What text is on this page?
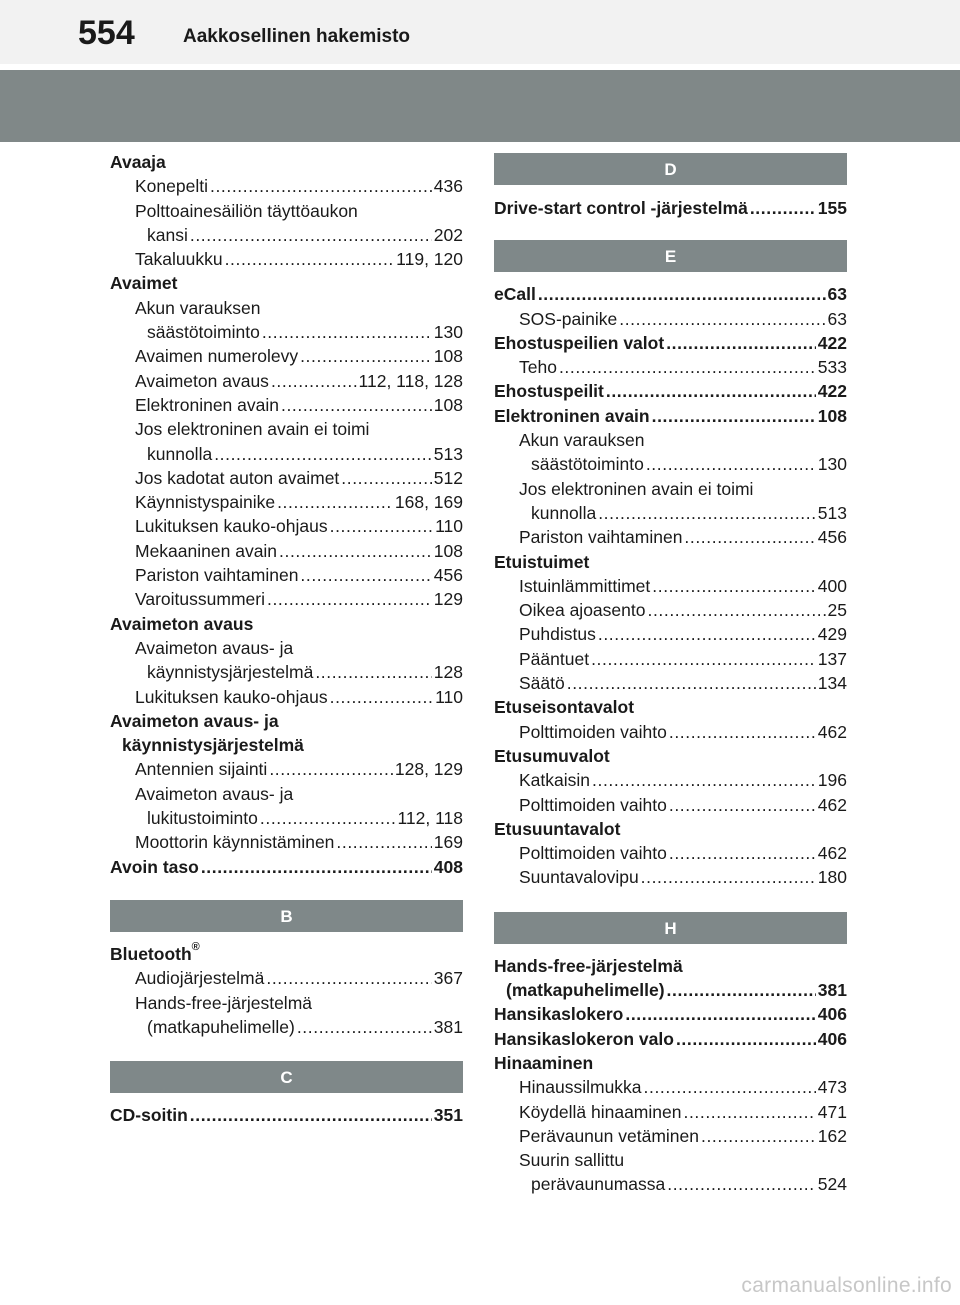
554	Aakkosellinen hakemisto
Avaaja
Konepelti .....	436
Polttoainesäiliön täyttöaukon
kansi .....	202
Takaluukku .....	119, 120
Avaimet
Akun varauksen
säästötoiminto .....	130
Avaimen numerolevy .....	108
Avaimeton avaus .....	112, 118, 128
Elektroninen avain .....	108
Jos elektroninen avain ei toimi
kunnolla .....	513
Jos kadotat auton avaimet .....	512
Käynnistyspainike .....	168, 169
Lukituksen kauko-ohjaus .....	110
Mekaaninen avain .....	108
Pariston vaihtaminen .....	456
Varoitussummeri .....	129
Avaimeton avaus
Avaimeton avaus- ja
käynnistysjärjestelmä .....	128
Lukituksen kauko-ohjaus .....	110
Avaimeton avaus- ja
käynnistysjärjestelmä
Antennien sijainti .....	128, 129
Avaimeton avaus- ja
lukitustoiminto .....	112, 118
Moottorin käynnistäminen .....	169
Avoin taso .....	408
B
Bluetooth®
Audiojärjestelmä .....	367
Hands-free-järjestelmä
(matkapuhelimelle) .....	381
C
CD-soitin .....	351
D
Drive-start control -järjestelmä .....	155
E
eCall .....	63
SOS-painike .....	63
Ehostuspeilien valot .....	422
Teho .....	533
Ehostuspeilit .....	422
Elektroninen avain .....	108
Akun varauksen
säästötoiminto .....	130
Jos elektroninen avain ei toimi
kunnolla .....	513
Pariston vaihtaminen .....	456
Etuistuimet
Istuinlämmittimet .....	400
Oikea ajoasento .....	25
Puhdistus .....	429
Pääntuet .....	137
Säätö .....	134
Etuseisontavalot
Polttimoiden vaihto .....	462
Etusumuvalot
Katkaisin .....	196
Polttimoiden vaihto .....	462
Etusuuntavalot
Polttimoiden vaihto .....	462
Suuntavalovipu .....	180
H
Hands-free-järjestelmä
(matkapuhelimelle) .....	381
Hansikaslokero .....	406
Hansikaslokeron valo .....	406
Hinaaminen
Hinaussilmukka .....	473
Köydellä hinaaminen .....	471
Perävaunun vetäminen .....	162
Suurin sallittu
perävaunumassa .....	524
carmanualsonline.info
